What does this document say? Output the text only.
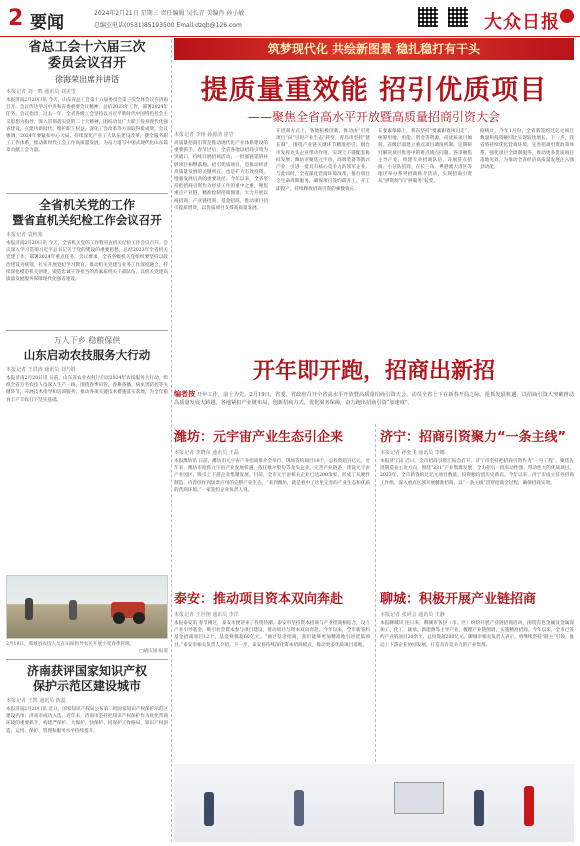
2 要闻	2024年2月21日 星期三 责任编辑 吴长青 美编肖 孙小敏
总编室电话(0531)85193500 Email:dzqb@126.com	大众日报
省总工会十六届三次
委员会议召开
徐海荣出席并讲话
本报记者 刘一鸣 通讯员 刘美雪
本报济南2月20日讯 今天，山东省总工会第十六届委员会第三次全体会议在济南召开。会议传达学习中央和省委重要会议精神，总结2023年工作，部署2024年任务。会议指出，过去一年，全省各级工会坚持以习近平新时代中国特色社会主义思想为指导，深入贯彻落实党的二十大精神，团结动员广大职工投身现代化强省建设，在建功新时代、维护职工权益、深化工会改革等方面取得新成效。会议强调，2024年要紧扣中心大局，持续深化产业工人队伍建设改革，健全服务职工工作体系，推动新时代工会工作高质量发展，为奋力谱写中国式现代化山东篇章贡献工会力量。
全省机关党的工作
暨省直机关纪检工作会议召开
本报记者 袁秋寒
本报济南2月20日讯 今天，全省机关党的工作暨省直机关纪检工作会议召开。会议深入学习贯彻习近平总书记关于党的建设的重要思想，总结2023年全省机关党建工作，部署2024年重点任务。会议要求，全省各级机关党组织要坚持以政治建设为统领，扎实开展党纪学习教育，推动机关党建与业务工作深度融合，持续深化模范机关创建，锻造忠诚干净担当的高素质机关干部队伍，以机关党建高质量发展服务保障现代化强省建设。
万人下乡 稳粮保供
山东启动农技服务大行动
本报记者 王洪涛 通讯员 刘乃胜
本报济南2月20日讯 日前，山东省农业农村厅启动2024年农技服务大行动，组织全省万名农技人员深入生产一线，围绕春季田管、春耕备播、病虫害防控等关键环节，开展技术指导和培训服务，推动各项关键技术措施落实落地，为全年粮食丰产丰收打下坚实基础。
2月19日，郯城县农技人员在田间指导农民开展小麦春季管理。
□胡庆国 报道
济南获评国家知识产权
保护示范区建设城市
本报记者 王凯 通讯员 陈蕊
本报济南2月20日讯 近日，国家知识产权局公布第二批国家知识产权保护示范区建设名单，济南市成功入选。近年来，济南市坚持把知识产权保护作为优化营商环境的重要抓手，构建严保护、大保护、快保护、同保护工作格局，知识产权创造、运用、保护、管理和服务水平持续提升。
筑梦现代化 共绘新图景 稳扎稳打有干头
提质量重效能 招引优质项目
——聚焦全省高水平开放暨高质量招商引资大会
本报记者 李杨 孙源清 崔岩
高质量招商引资是推动现代化产业体系建设的重要抓手。春节过后，全省各地以招商引资为突破口，持续开展招商活动，一批强链延链补链项目相继落地。招引优质项目，是推动经济高质量发展的关键所在，也是扩大有效投资、增强发展后劲的重要途径。今年以来，全省坚持把招商引资作为经济工作的重中之重，聚焦重点产业链，精准绘制招商图谱，大力开展以商招商、产业链招商、基金招商，推动项目招引提质增效，以优质项目支撑高质量发展。
在招商方式上，各地积极创新，推动由“引进项目”向“引进产业生态”转变。青岛市坚持“链长制”，围绕产业链关键环节精准招引；烟台市发挥龙头企业带动作用，实现上下游配套协同发展；潍坊市聚焦元宇宙、高端装备等新兴产业，引进一批具有核心竞争力的领军企业。与此同时，全省深化营商环境改革，推行项目全生命周期服务，确保项目签约即开工、开工即投产，持续释放招商引资的乘数效应。
在要素保障上，我省坚持“要素跟着项目走”，统筹用地、用能、资金等资源，向优质项目倾斜。省级层面建立重点项目调度机制，定期研究解决项目推进中的难点堵点问题。各市聚焦主导产业，组建专业招商队伍，开展驻点招商、小分队招商，在长三角、粤港澳大湾区等地区举办系列招商推介活动，实现招商引资从“拼资源”向“拼服务”转变。
据统计，今年1月份，全省新签约过亿元项目数量和投资额同比实现较快增长。下一步，我省将持续优化营商环境，完善招商引资政策体系，强化项目全周期服务，推动更多优质项目落地见效，为推动全省经济高质量发展注入强劲动能。
开年即开跑，招商出新招
编者按 开年工作，前十为先。2月19日，省委、省政府召开全省高水平开放暨高质量招商引资大会，动员全省上下在新春开局之际，抢抓发展机遇，以招商引资大突破推动高质量发展大跨越。各地紧扣产业链布局，创新招商方式，优化服务保障，奋力跑出招商引资“加速度”。
潍坊：元宇宙产业生态引企来
本报记者 李晓东 通讯员 王磊
本报潍坊讯 日前，潍坊市元宇宙产业招商推介会举行，现场签约项目18个，总投资超百亿元。近年来，潍坊市抢抓元宇宙产业发展机遇，依托歌尔股份等龙头企业，完善产业链条，建设元宇宙产业园区，吸引上下游企业集聚发展。目前，全市元宇宙相关企业已达200余家，形成了从硬件制造、内容创作到场景应用的完整产业生态。“来到潍坊，就是看中了这里完善的产业生态和优质的营商环境。”一家签约企业负责人说。
济宁：招商引资聚力“一条主线”
本报记者 孙亚飞 通讯员 李娜
本报济宁讯 近日，全市招商引资汇报会召开，济宁市坚持把招商引资作为“一号工程”，聚焦先进制造业主攻方向，围绕“231”产业集群发展，全力招引一批牵动性强、带动性大的优质项目。2023年，全市新签约过亿元项目数量、投资额均创历史新高。今年以来，济宁市成立驻外招商工作组，深入重点区域开展精准招商，以“一条主线”贯穿招商全过程，确保招商实效。
泰安：推动项目资本双向奔赴
本报记者 王世翔 通讯员 李洋
本报泰安讯 春节刚过，泰安市便迎来了投资热潮。泰安市坚持资本招商与产业招商相结合，设立产业引导基金，吸引社会资本参与项目建设，推动项目与资本双向奔赴。今年以来，全市新签约基金招商项目12个，基金规模超60亿元。“通过基金招商，我们能够更加精准地引进优质项目。”泰安市相关负责人介绍，下一步，泰安将持续深化资本招商模式，推动更多优质项目落地。
聊城：积极开展产业链招商
本报记者 张同会 通讯员 王静
本报聊城讯 连日来，聊城市各县（市、区）纷纷开展产业链招商活动，围绕有色金属及金属深加工、化工、轴承、新能源等主导产业，梳理产业链图谱，实施精准招商。今年以来，全市已签约产业链项目30余个，总投资超200亿元。聊城市相关负责人表示，将继续坚持“链主”引领，推动上下游企业协同发展，打造具有竞争力的产业集群。
